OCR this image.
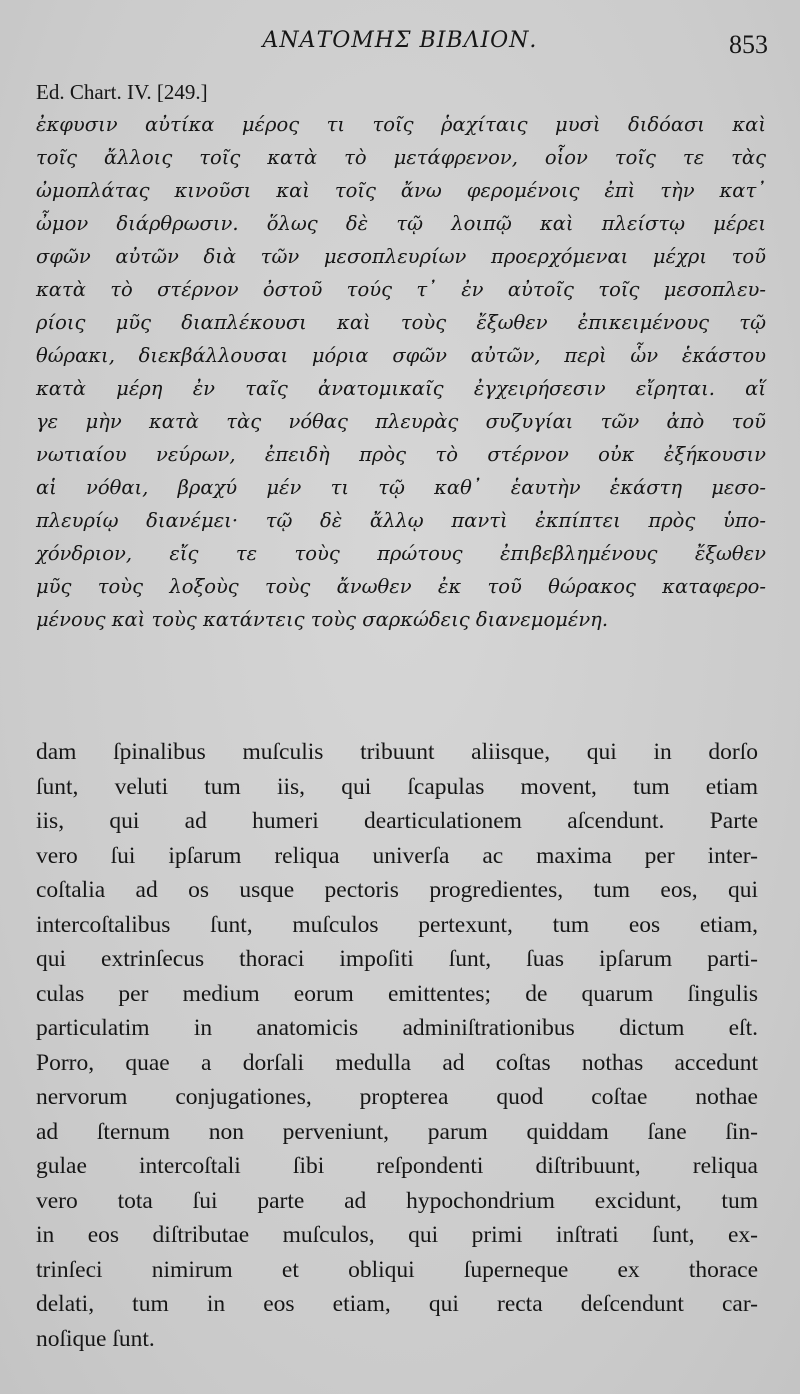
ΑΝΑΤΟΜΗΣ ΒΙΒΛΙΟΝ.	853
Ed. Chart. IV. [249.]
ἐκφυσιν αὐτίκα μέρος τι τοῖς ῥαχίταις μυσὶ διδόασι καὶ
τοῖς ἄλλοις τοῖς κατὰ τὸ μετάφρενον, οἷον τοῖς τε τὰς
ὠμοπλάτας κινοῦσι καὶ τοῖς ἄνω φερομένοις ἐπὶ τὴν κατ᾽
ὦμον διάρθρωσιν. ὅλως δὲ τῷ λοιπῷ καὶ πλείστῳ μέρει
σφῶν αὐτῶν διὰ τῶν μεσοπλευρίων προερχόμεναι μέχρι τοῦ
κατὰ τὸ στέρνον ὀστοῦ τούς τ᾽ ἐν αὐτοῖς τοῖς μεσοπλευ-
ρίοις μῦς διαπλέκουσι καὶ τοὺς ἔξωθεν ἐπικειμένους τῷ
θώρακι, διεκβάλλουσαι μόρια σφῶν αὐτῶν, περὶ ὧν ἑκάστου
κατὰ μέρη ἐν ταῖς ἀνατομικαῖς ἐγχειρήσεσιν εἴρηται. αἵ
γε μὴν κατὰ τὰς νόθας πλευρὰς συζυγίαι τῶν ἀπὸ τοῦ
νωτιαίου νεύρων, ἐπειδὴ πρὸς τὸ στέρνον οὐκ ἐξήκουσιν
αἱ νόθαι, βραχύ μέν τι τῷ καθ᾽ ἑαυτὴν ἑκάστη μεσο-
πλευρίῳ διανέμει· τῷ δὲ ἄλλῳ παντὶ ἐκπίπτει πρὸς ὑπο-
χόνδριον, εἴς τε τοὺς πρώτους ἐπιβεβλημένους ἔξωθεν
μῦς τοὺς λοξοὺς τοὺς ἄνωθεν ἐκ τοῦ θώρακος καταφερο-
μένους καὶ τοὺς κατάντεις τοὺς σαρκώδεις διανεμομένη.
dam ſpinalibus muſculis tribuunt aliisque, qui in dorſo
ſunt, veluti tum iis, qui ſcapulas movent, tum etiam
iis, qui ad humeri dearticulationem aſcendunt. Parte
vero ſui ipſarum reliqua univerſa ac maxima per inter-
coſtalia ad os usque pectoris progredientes, tum eos, qui
intercoſtalibus ſunt, muſculos pertexunt, tum eos etiam,
qui extrinſecus thoraci impoſiti ſunt, ſuas ipſarum parti-
culas per medium eorum emittentes; de quarum ſingulis
particulatim in anatomicis adminiſtrationibus dictum eſt.
Porro, quae a dorſali medulla ad coſtas nothas accedunt
nervorum conjugationes, propterea quod coſtae nothae
ad ſternum non perveniunt, parum quiddam ſane ſin-
gulae intercoſtali ſibi reſpondenti diſtribuunt, reliqua
vero tota ſui parte ad hypochondrium excidunt, tum
in eos diſtributae muſculos, qui primi inſtrati ſunt, ex-
trinſeci nimirum et obliqui ſuperneque ex thorace
delati, tum in eos etiam, qui recta deſcendunt car-
noſique ſunt.
